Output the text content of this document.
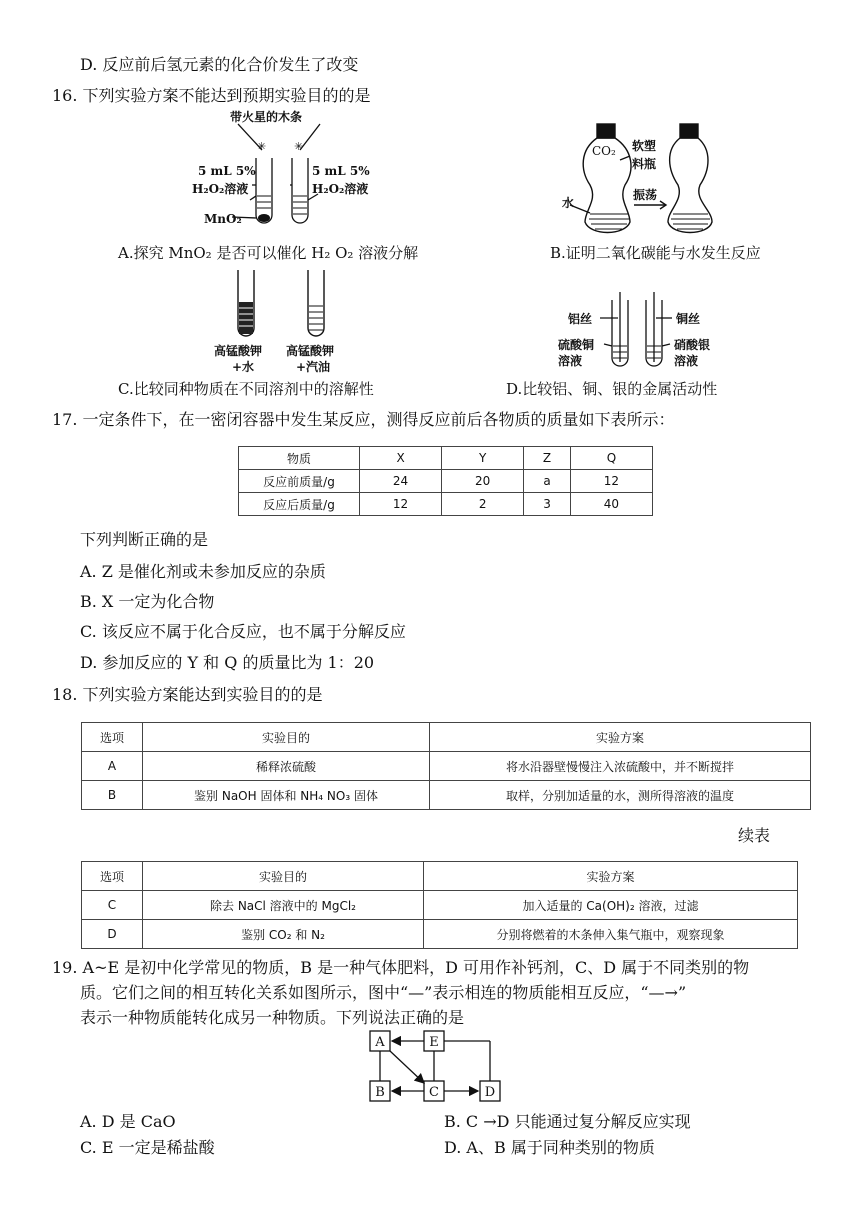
D. 反应前后氢元素的化合价发生了改变
16. 下列实验方案不能达到预期实验目的的是
带火星的木条
5 mL 5%
H₂O₂溶液
MnO₂
5 mL 5%
H₂O₂溶液
✳	✳
A.探究 MnO₂ 是否可以催化 H₂ O₂ 溶液分解
CO₂ 软塑
料瓶
水
振荡
B.证明二氧化碳能与水发生反应
高锰酸钾
+水
高锰酸钾
+汽油
C.比较同种物质在不同溶剂中的溶解性
铝丝	铜丝
硫酸铜
溶液
硝酸银
溶液
D.比较铝、铜、银的金属活动性
17. 一定条件下，在一密闭容器中发生某反应，测得反应前后各物质的质量如下表所示：
物质	X	Y	Z	Q
反应前质量/g	24	20	a	12
反应后质量/g	12	2	3	40
下列判断正确的是
A. Z 是催化剂或未参加反应的杂质
B. X 一定为化合物
C. 该反应不属于化合反应，也不属于分解反应
D. 参加反应的 Y 和 Q 的质量比为 1：20
18. 下列实验方案能达到实验目的的是
选项	实验目的	实验方案
A	稀释浓硫酸	将水沿器壁慢慢注入浓硫酸中，并不断搅拌
B	鉴别 NaOH 固体和 NH₄ NO₃ 固体	取样，分别加适量的水，测所得溶液的温度
续表
选项	实验目的	实验方案
C	除去 NaCl 溶液中的 MgCl₂	加入适量的 Ca(OH)₂ 溶液，过滤
D	鉴别 CO₂ 和 N₂	分别将燃着的木条伸入集气瓶中，观察现象
19. A~E 是初中化学常见的物质，B 是一种气体肥料，D 可用作补钙剂，C、D 属于不同类别的物
质。它们之间的相互转化关系如图所示，图中“—”表示相连的物质能相互反应，“—→”
表示一种物质能转化成另一种物质。下列说法正确的是
A	E
B	C	D
A. D 是 CaO	B. C →D 只能通过复分解反应实现
C. E 一定是稀盐酸	D. A、B 属于同种类别的物质
